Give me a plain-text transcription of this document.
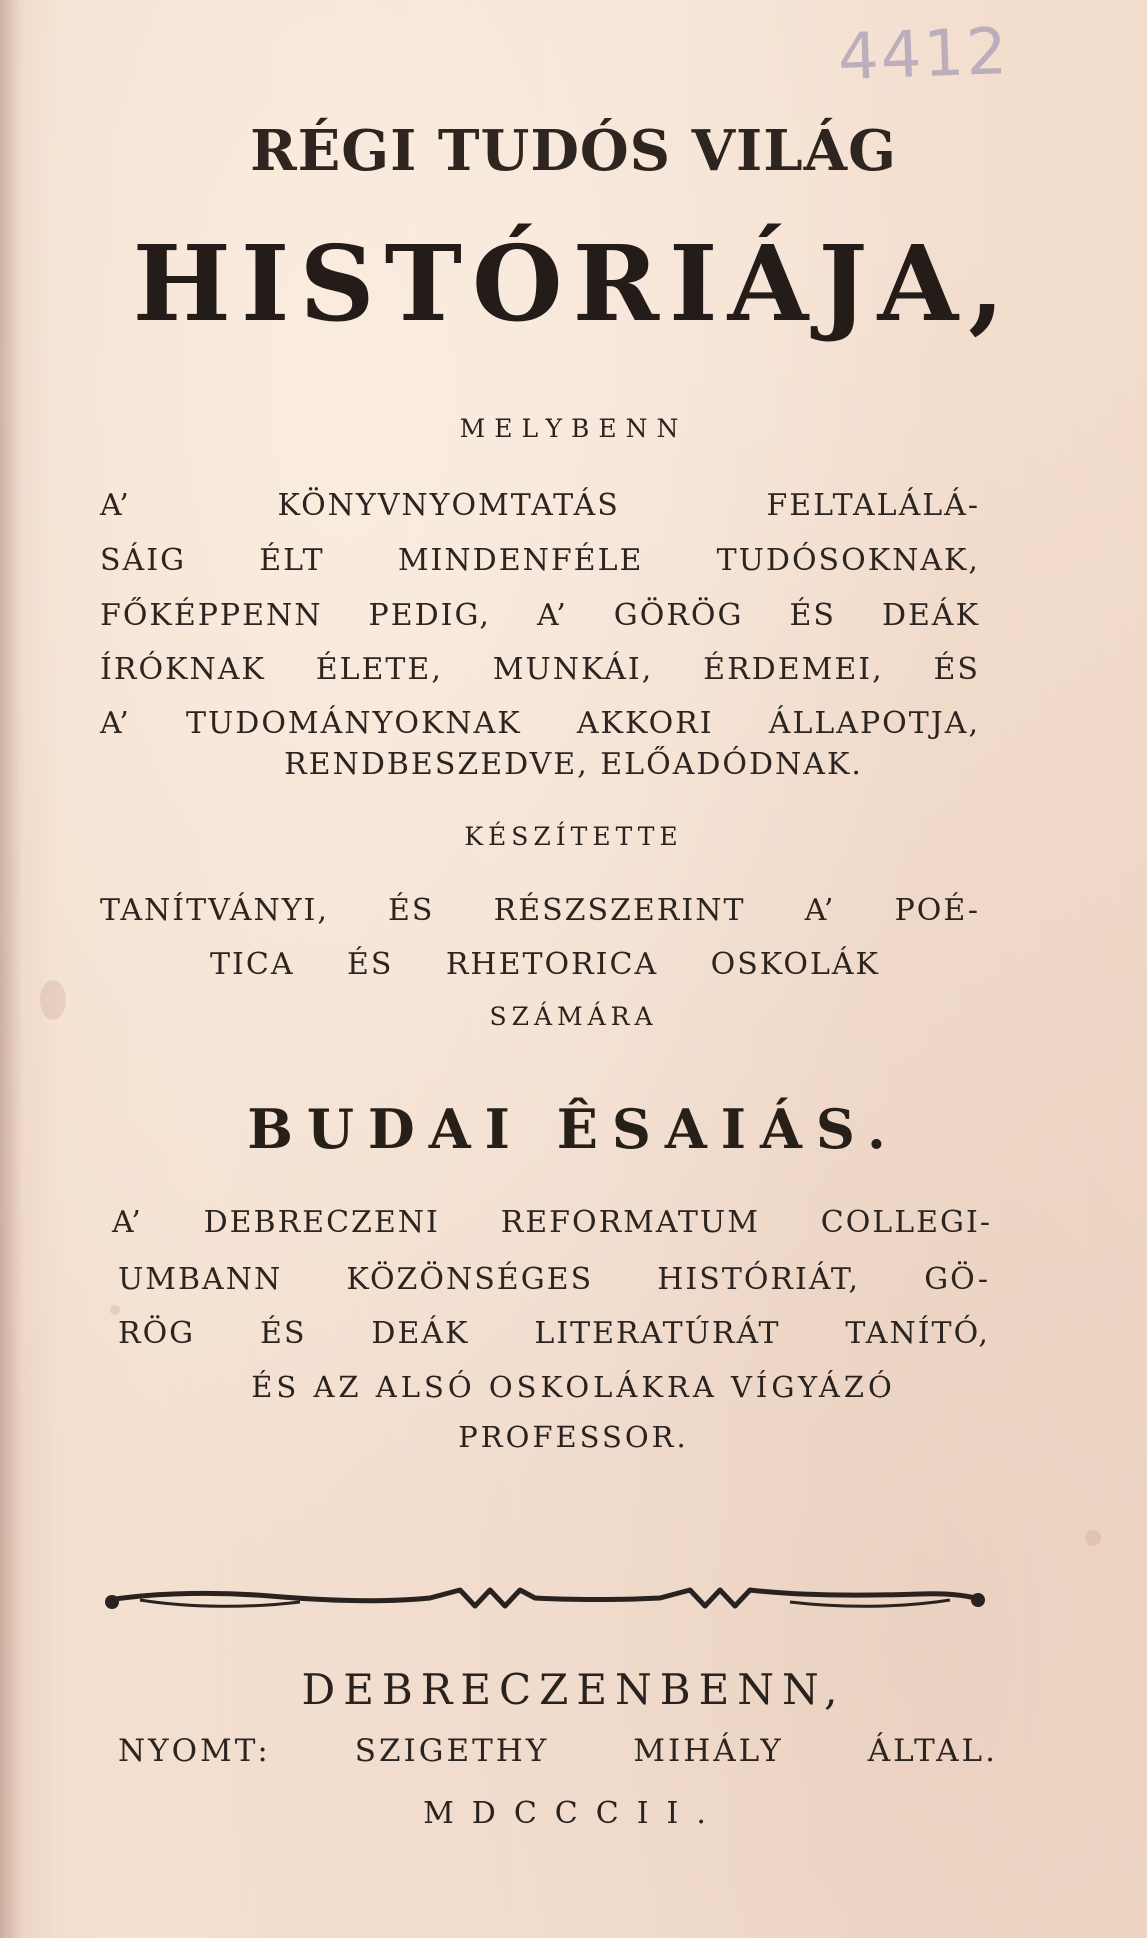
4412
RÉGI TUDÓS VILÁG
HISTÓRIÁJA,
MELYBENN
A’	KÖNYVNYOMTATÁS	FELTALÁLÁ-
SÁIG ÉLT MINDENFÉLE TUDÓSOKNAK,
FŐKÉPPENN PEDIG, A’ GÖRÖG ÉS DEÁK
ÍRÓKNAK ÉLETE, MUNKÁI, ÉRDEMEI, ÉS
A’ TUDOMÁNYOKNAK AKKORI ÁLLAPOTJA,
RENDBESZEDVE, ELŐADÓDNAK.
KÉSZÍTETTE
TANÍTVÁNYI, ÉS RÉSZSZERINT A’ POÉ-
TICA ÉS RHETORICA OSKOLÁK
SZÁMÁRA
BUDAI ÊSAIÁS.
A’ DEBRECZENI REFORMATUM COLLEGI-
UMBANN KÖZÖNSÉGES HISTÓRIÁT, GÖ-
RÖG ÉS DEÁK LITERATÚRÁT TANÍTÓ,
ÉS AZ ALSÓ OSKOLÁKRA VÍGYÁZÓ
PROFESSOR.
DEBRECZENBENN,
NYOMT:	SZIGETHY	MIHÁLY	ÁLTAL.
MDCCCII.
